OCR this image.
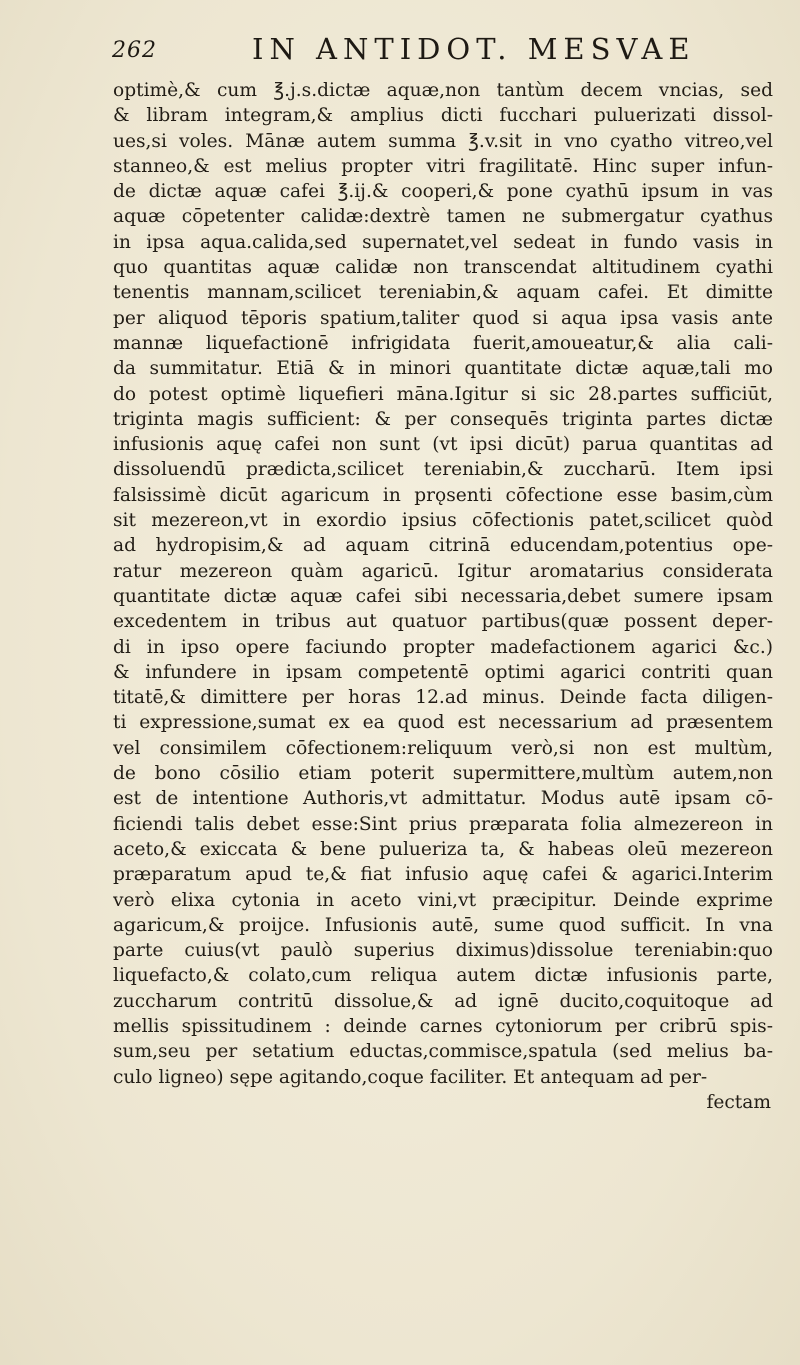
262	IN ANTIDOT. MESVAE
optimè,& cum ℥.j.s.dictæ aquæ,non tantùm decem vncias, sed
& libram integram,& amplius dicti fucchari puluerizati dissol-
ues,si voles. Mānæ autem summa ℥.v.sit in vno cyatho vitreo,vel
stanneo,& est melius propter vitri fragilitatē. Hinc super infun-
de dictæ aquæ cafei ℥.ij.& cooperi,& pone cyathū ipsum in vas
aquæ cōpetenter calidæ:dextrè tamen ne submergatur cyathus
in ipsa aqua.calida,sed supernatet,vel sedeat in fundo vasis in
quo quantitas aquæ calidæ non transcendat altitudinem cyathi
tenentis mannam,scilicet tereniabin,& aquam cafei. Et dimitte
per aliquod tēporis spatium,taliter quod si aqua ipsa vasis ante
mannæ liquefactionē infrigidata fuerit,amoueatur,& alia cali-
da summitatur. Etiā & in minori quantitate dictæ aquæ,tali mo
do potest optimè liquefieri māna.Igitur si sic 28.partes sufficiūt,
triginta magis sufficient: & per consequēs triginta partes dictæ
infusionis aquę cafei non sunt (vt ipsi dicūt) parua quantitas ad
dissoluendū prædicta,scilicet tereniabin,& zuccharū. Item ipsi
falsissimè dicūt agaricum in prǫsenti cōfectione esse basim,cùm
sit mezereon,vt in exordio ipsius cōfectionis patet,scilicet quòd
ad hydropisim,& ad aquam citrinā educendam,potentius ope-
ratur mezereon quàm agaricū. Igitur aromatarius considerata
quantitate dictæ aquæ cafei sibi necessaria,debet sumere ipsam
excedentem in tribus aut quatuor partibus(quæ possent deper-
di in ipso opere faciundo propter madefactionem agarici &c.)
& infundere in ipsam competentē optimi agarici contriti quan
titatē,& dimittere per horas 12.ad minus. Deinde facta diligen-
ti expressione,sumat ex ea quod est necessarium ad præsentem
vel consimilem cōfectionem:reliquum verò,si non est multùm,
de bono cōsilio etiam poterit supermittere,multùm autem,non
est de intentione Authoris,vt admittatur. Modus autē ipsam cō-
ficiendi talis debet esse:Sint prius præparata folia almezereon in
aceto,& exiccata & bene pulueriza ta, & habeas oleū mezereon
præparatum apud te,& fiat infusio aquę cafei & agarici.Interim
verò elixa cytonia in aceto vini,vt præcipitur. Deinde exprime
agaricum,& proijce. Infusionis autē, sume quod sufficit. In vna
parte cuius(vt paulò superius diximus)dissolue tereniabin:quo
liquefacto,& colato,cum reliqua autem dictæ infusionis parte,
zuccharum contritū dissolue,& ad ignē ducito,coquitoque ad
mellis spissitudinem : deinde carnes cytoniorum per cribrū spis-
sum,seu per setatium eductas,commisce,spatula (sed melius ba-
culo ligneo) sępe agitando,coque faciliter. Et antequam ad per-
fectam
